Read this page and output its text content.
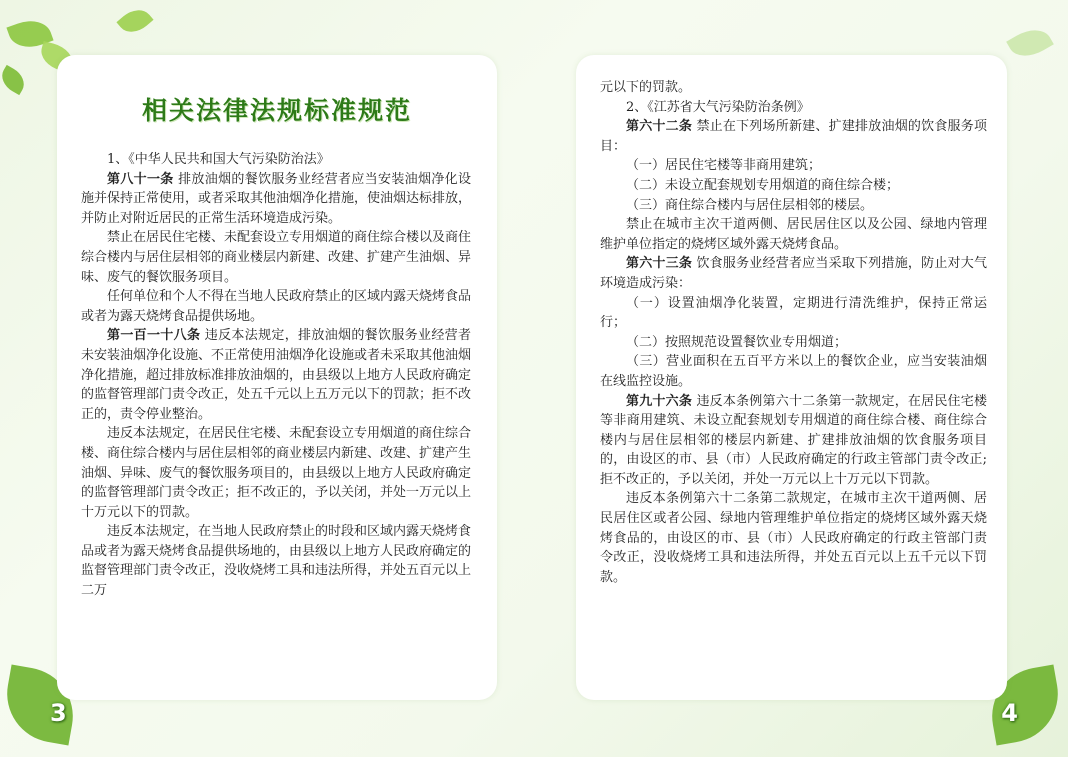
相关法律法规标准规范

1、《中华人民共和国大气污染防治法》

第八十一条 排放油烟的餐饮服务业经营者应当安装油烟净化设施并保持正常使用，或者采取其他油烟净化措施，使油烟达标排放，并防止对附近居民的正常生活环境造成污染。

禁止在居民住宅楼、未配套设立专用烟道的商住综合楼以及商住综合楼内与居住层相邻的商业楼层内新建、改建、扩建产生油烟、异味、废气的餐饮服务项目。

任何单位和个人不得在当地人民政府禁止的区域内露天烧烤食品或者为露天烧烤食品提供场地。

第一百一十八条 违反本法规定，排放油烟的餐饮服务业经营者未安装油烟净化设施、不正常使用油烟净化设施或者未采取其他油烟净化措施，超过排放标准排放油烟的，由县级以上地方人民政府确定的监督管理部门责令改正，处五千元以上五万元以下的罚款；拒不改正的，责令停业整治。

违反本法规定，在居民住宅楼、未配套设立专用烟道的商住综合楼、商住综合楼内与居住层相邻的商业楼层内新建、改建、扩建产生油烟、异味、废气的餐饮服务项目的，由县级以上地方人民政府确定的监督管理部门责令改正；拒不改正的，予以关闭，并处一万元以上十万元以下的罚款。

违反本法规定，在当地人民政府禁止的时段和区域内露天烧烤食品或者为露天烧烤食品提供场地的，由县级以上地方人民政府确定的监督管理部门责令改正，没收烧烤工具和违法所得，并处五百元以上二万

元以下的罚款。

2、《江苏省大气污染防治条例》

第六十二条 禁止在下列场所新建、扩建排放油烟的饮食服务项目：

（一）居民住宅楼等非商用建筑；

（二）未设立配套规划专用烟道的商住综合楼；

（三）商住综合楼内与居住层相邻的楼层。

禁止在城市主次干道两侧、居民居住区以及公园、绿地内管理维护单位指定的烧烤区域外露天烧烤食品。

第六十三条 饮食服务业经营者应当采取下列措施，防止对大气环境造成污染：

（一）设置油烟净化装置，定期进行清洗维护，保持正常运行；

（二）按照规范设置餐饮业专用烟道；

（三）营业面积在五百平方米以上的餐饮企业，应当安装油烟在线监控设施。

第九十六条 违反本条例第六十二条第一款规定，在居民住宅楼等非商用建筑、未设立配套规划专用烟道的商住综合楼、商住综合楼内与居住层相邻的楼层内新建、扩建排放油烟的饮食服务项目的，由设区的市、县（市）人民政府确定的行政主管部门责令改正;拒不改正的，予以关闭，并处一万元以上十万元以下罚款。

违反本条例第六十二条第二款规定，在城市主次干道两侧、居民居住区或者公园、绿地内管理维护单位指定的烧烤区域外露天烧烤食品的，由设区的市、县（市）人民政府确定的行政主管部门责令改正，没收烧烤工具和违法所得，并处五百元以上五千元以下罚款。

3	4
